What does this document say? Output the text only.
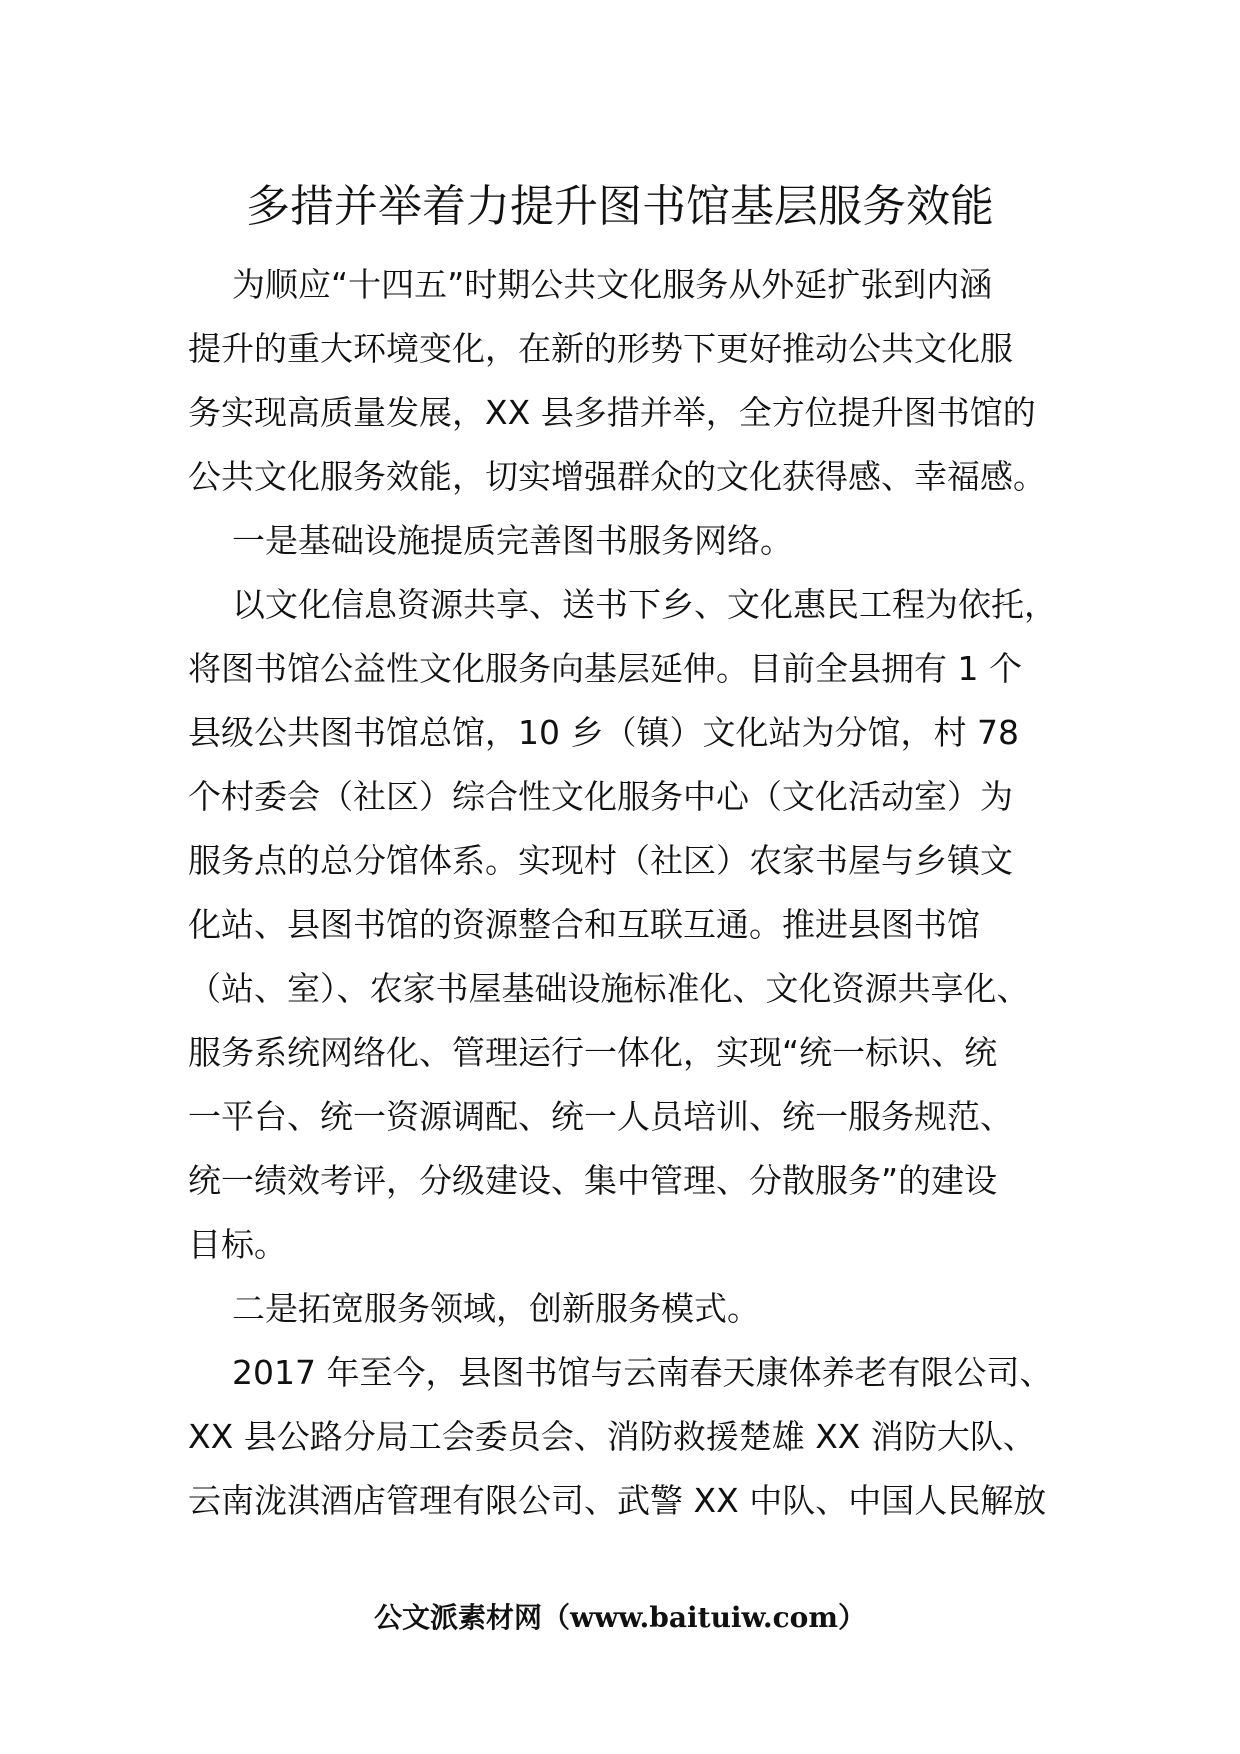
多措并举着力提升图书馆基层服务效能

为顺应“十四五”时期公共文化服务从外延扩张到内涵

提升的重大环境变化，在新的形势下更好推动公共文化服

务实现高质量发展，XX 县多措并举，全方位提升图书馆的

公共文化服务效能，切实增强群众的文化获得感、幸福感。

一是基础设施提质完善图书服务网络。

以文化信息资源共享、送书下乡、文化惠民工程为依托，

将图书馆公益性文化服务向基层延伸。目前全县拥有 1 个

县级公共图书馆总馆，10 乡（镇）文化站为分馆，村 78

个村委会（社区）综合性文化服务中心（文化活动室）为

服务点的总分馆体系。实现村（社区）农家书屋与乡镇文

化站、县图书馆的资源整合和互联互通。推进县图书馆

（站、室）、农家书屋基础设施标准化、文化资源共享化、

服务系统网络化、管理运行一体化，实现“统一标识、统

一平台、统一资源调配、统一人员培训、统一服务规范、

统一绩效考评，分级建设、集中管理、分散服务”的建设

目标。

二是拓宽服务领域，创新服务模式。

2017 年至今，县图书馆与云南春天康体养老有限公司、

XX 县公路分局工会委员会、消防救援楚雄 XX 消防大队、

云南泷淇酒店管理有限公司、武警 XX 中队、中国人民解放

公文派素材网（www.baituiw.com）
